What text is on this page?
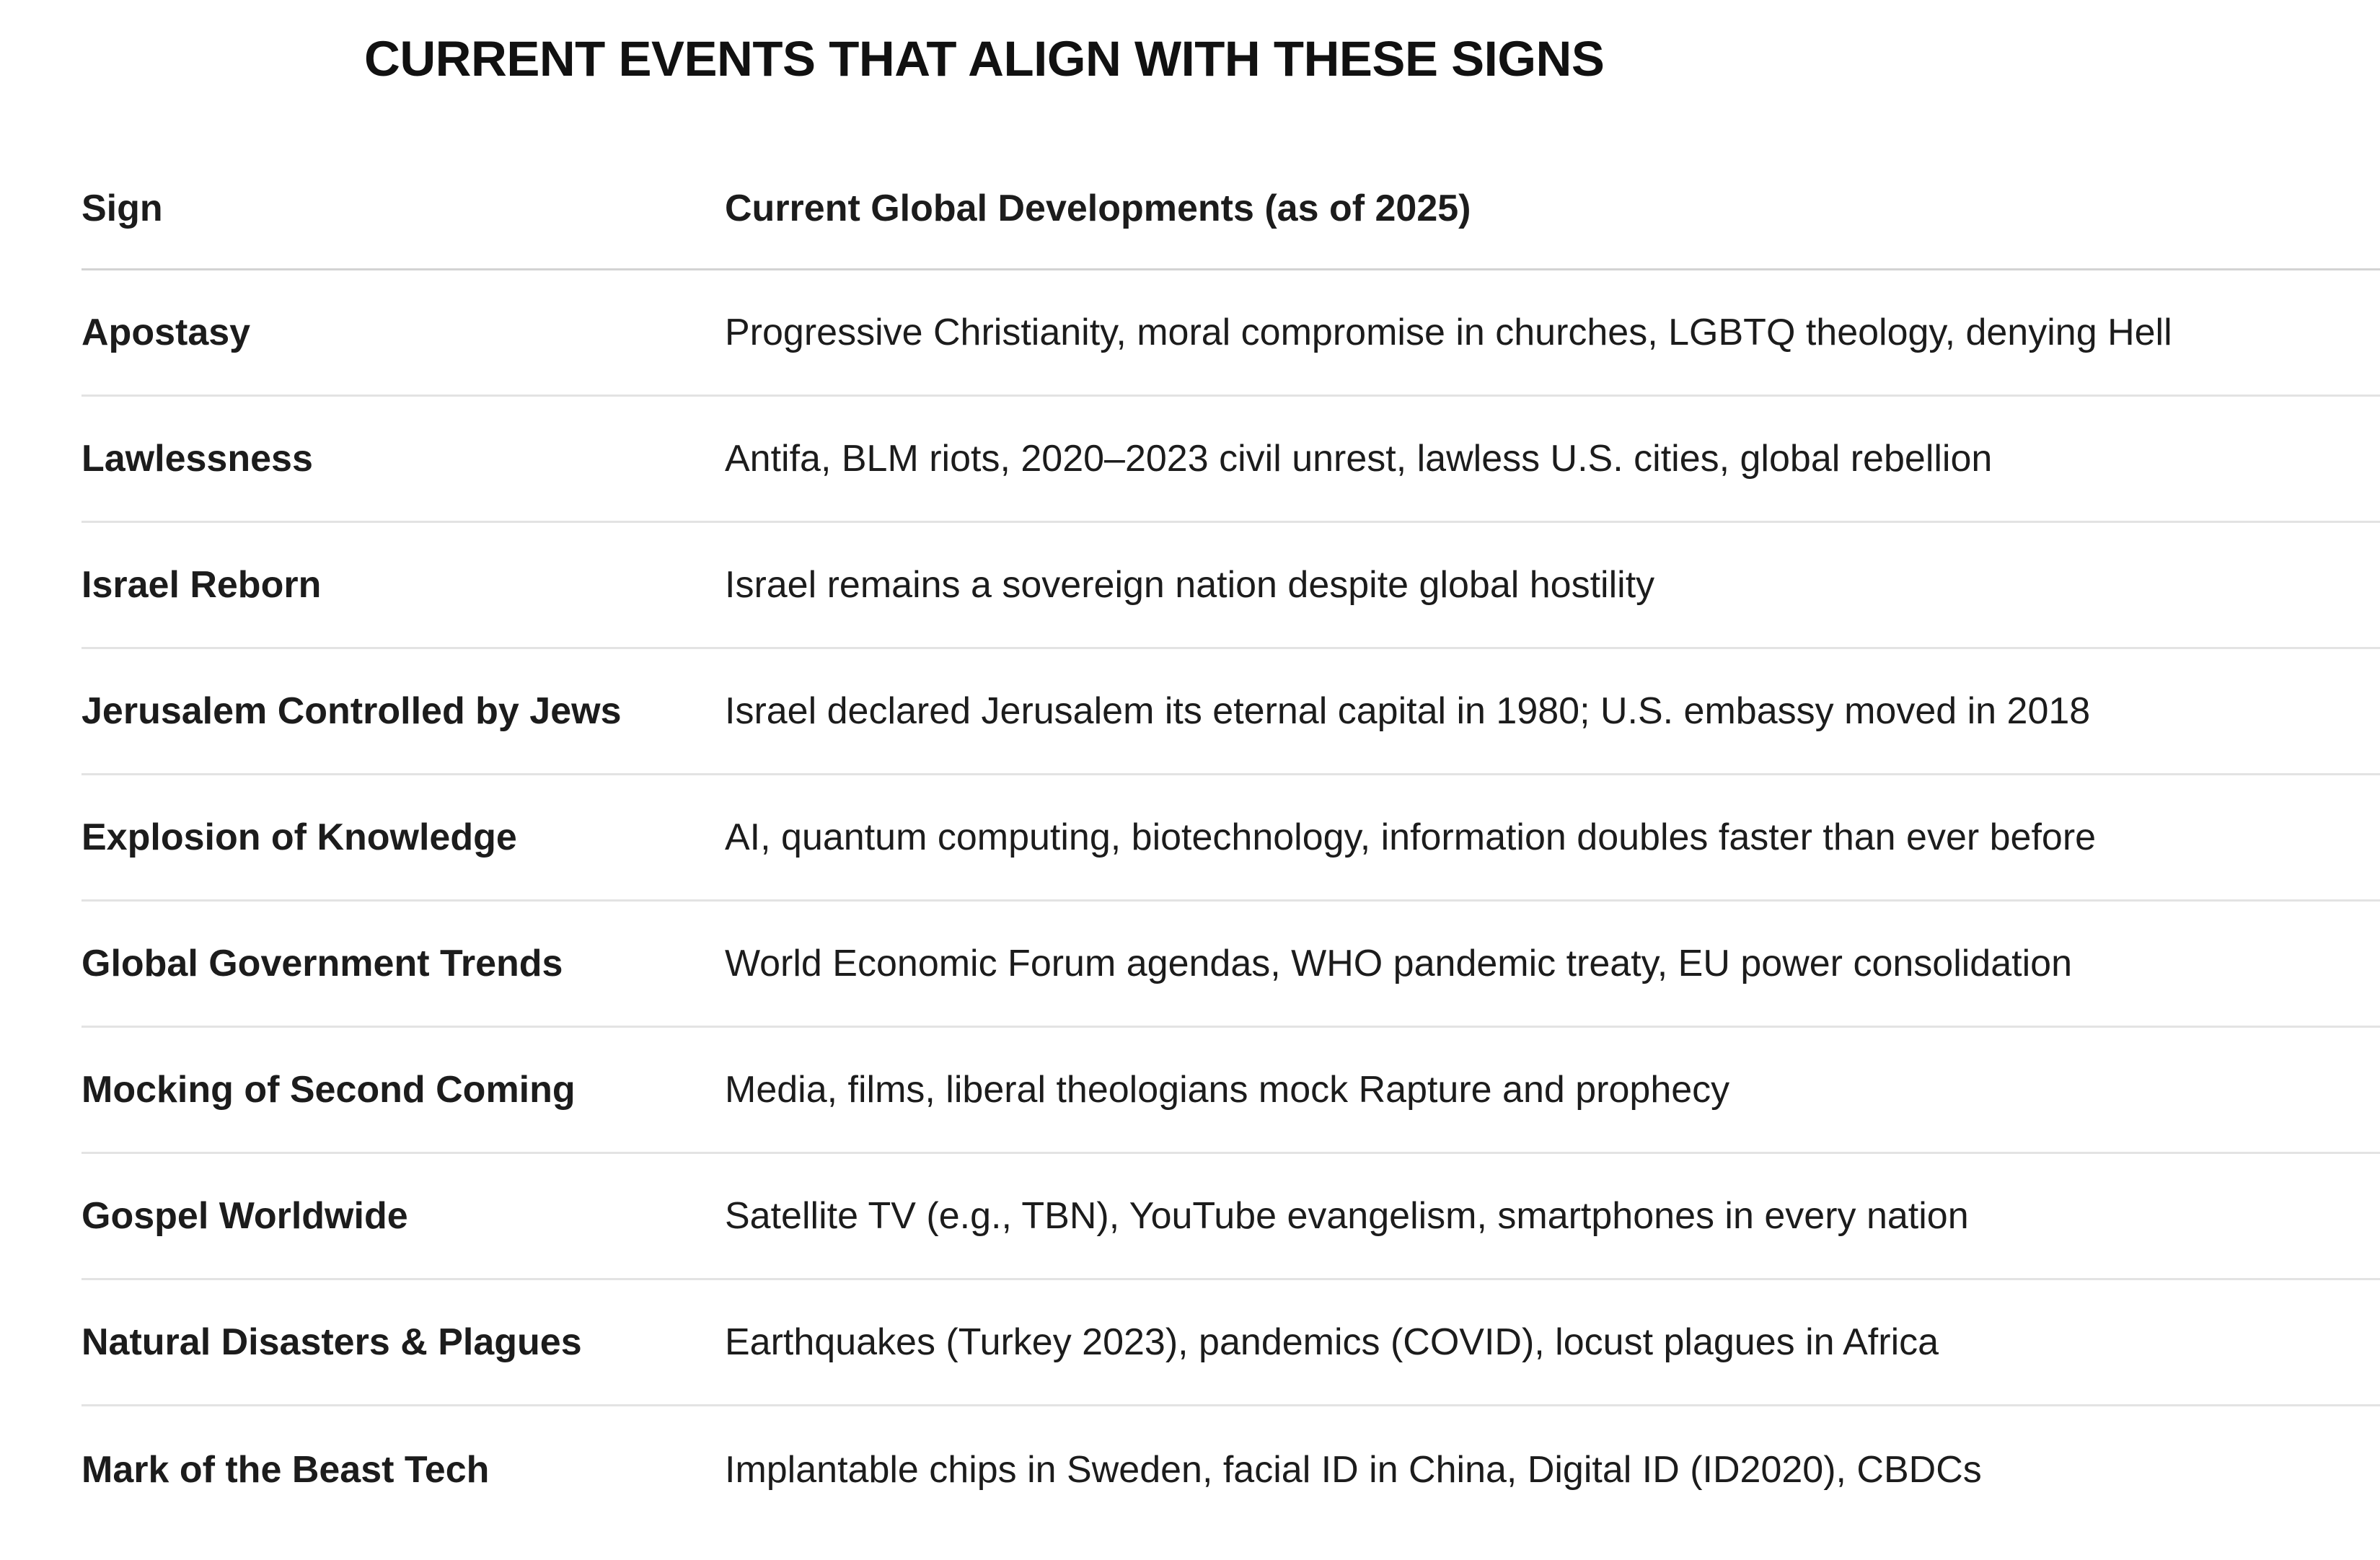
CURRENT EVENTS THAT ALIGN WITH THESE SIGNS
Sign	Current Global Developments (as of 2025)
Apostasy	Progressive Christianity, moral compromise in churches, LGBTQ theology, denying Hell
Lawlessness	Antifa, BLM riots, 2020–2023 civil unrest, lawless U.S. cities, global rebellion
Israel Reborn	Israel remains a sovereign nation despite global hostility
Jerusalem Controlled by Jews	Israel declared Jerusalem its eternal capital in 1980; U.S. embassy moved in 2018
Explosion of Knowledge	AI, quantum computing, biotechnology, information doubles faster than ever before
Global Government Trends	World Economic Forum agendas, WHO pandemic treaty, EU power consolidation
Mocking of Second Coming	Media, films, liberal theologians mock Rapture and prophecy
Gospel Worldwide	Satellite TV (e.g., TBN), YouTube evangelism, smartphones in every nation
Natural Disasters & Plagues	Earthquakes (Turkey 2023), pandemics (COVID), locust plagues in Africa
Mark of the Beast Tech	Implantable chips in Sweden, facial ID in China, Digital ID (ID2020), CBDCs
